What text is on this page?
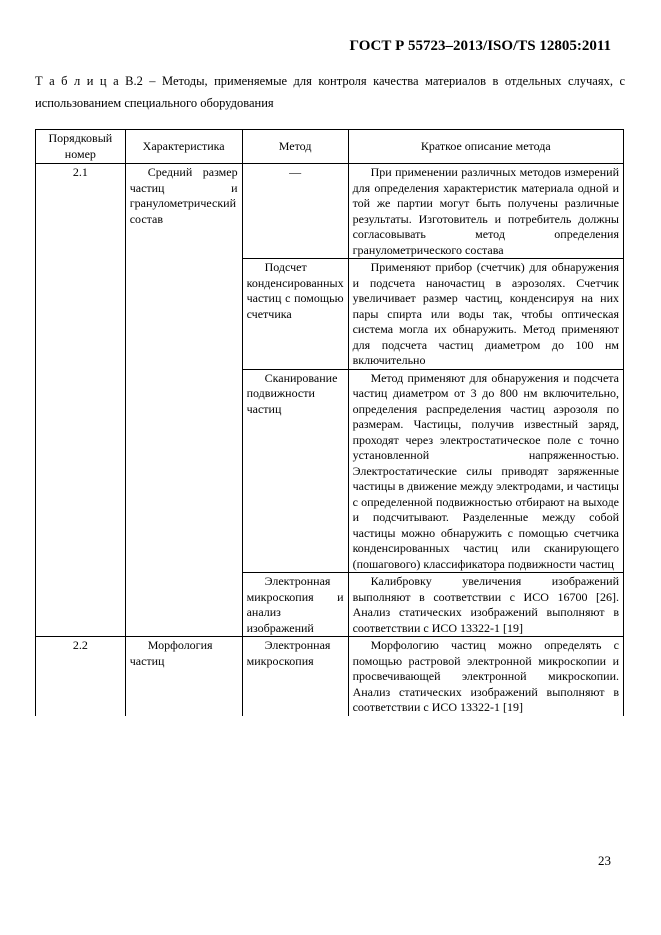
ГОСТ Р 55723–2013/ISO/TS 12805:2011
Т а б л и ц а В.2 – Методы, применяемые для контроля качества материалов в отдельных случаях, с использованием специального оборудования
Порядковый номер	Характеристика	Метод	Краткое описание метода
2.1	Средний размер частиц и гранулометрический состав	—	При применении различных методов измерений для определения характеристик материала одной и той же партии могут быть получены различные результаты. Изготовитель и потребитель должны согласовывать метод определения гранулометрического состава

		Подсчет конденсированных частиц с помощью счетчика	Применяют прибор (счетчик) для обнаружения и подсчета наночастиц в аэрозолях. Счетчик увеличивает размер частиц, конденсируя на них пары спирта или воды так, чтобы оптическая система могла их обнаружить. Метод применяют для подсчета частиц диаметром до 100 нм включительно

		Сканирование подвижности частиц	Метод применяют для обнаружения и подсчета частиц диаметром от 3 до 800 нм включительно, определения распределения частиц аэрозоля по размерам. Частицы, получив известный заряд, проходят через электростатическое поле с точно установленной напряженностью. Электростатические силы приводят заряженные частицы в движение между электродами, и частицы с определенной подвижностью отбирают на выходе и подсчитывают. Разделенные между собой частицы можно обнаружить с помощью счетчика конденсированных частиц или сканирующего (пошагового) классификатора подвижности частиц

		Электронная микроскопия и анализ изображений	Калибровку увеличения изображений выполняют в соответствии с ИСО 16700 [26]. Анализ статических изображений выполняют в соответствии с ИСО 13322-1 [19]

2.2	Морфология частиц	Электронная микроскопия	Морфологию частиц можно определять с помощью растровой электронной микроскопии и просвечивающей электронной микроскопии. Анализ статических изображений выполняют в соответствии с ИСО 13322-1 [19]
23
